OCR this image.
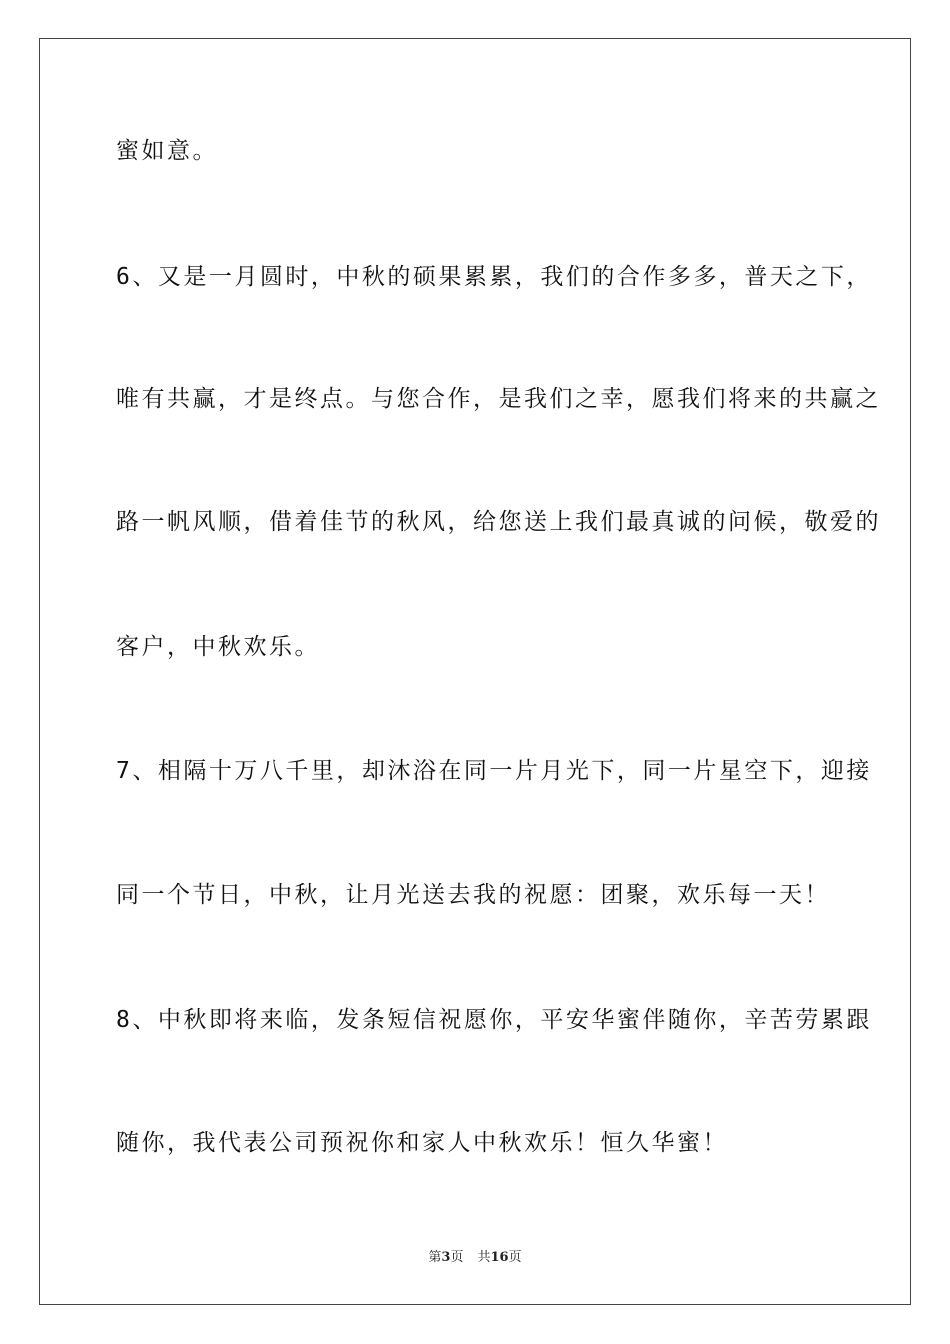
蜜如意。
6、又是一月圆时，中秋的硕果累累，我们的合作多多，普天之下，
唯有共赢，才是终点。与您合作，是我们之幸，愿我们将来的共赢之
路一帆风顺，借着佳节的秋风，给您送上我们最真诚的问候，敬爱的
客户，中秋欢乐。
7、相隔十万八千里，却沐浴在同一片月光下，同一片星空下，迎接
同一个节日，中秋，让月光送去我的祝愿：团聚，欢乐每一天！
8、中秋即将来临，发条短信祝愿你，平安华蜜伴随你，辛苦劳累跟
随你，我代表公司预祝你和家人中秋欢乐！恒久华蜜！
第3页 共16页
